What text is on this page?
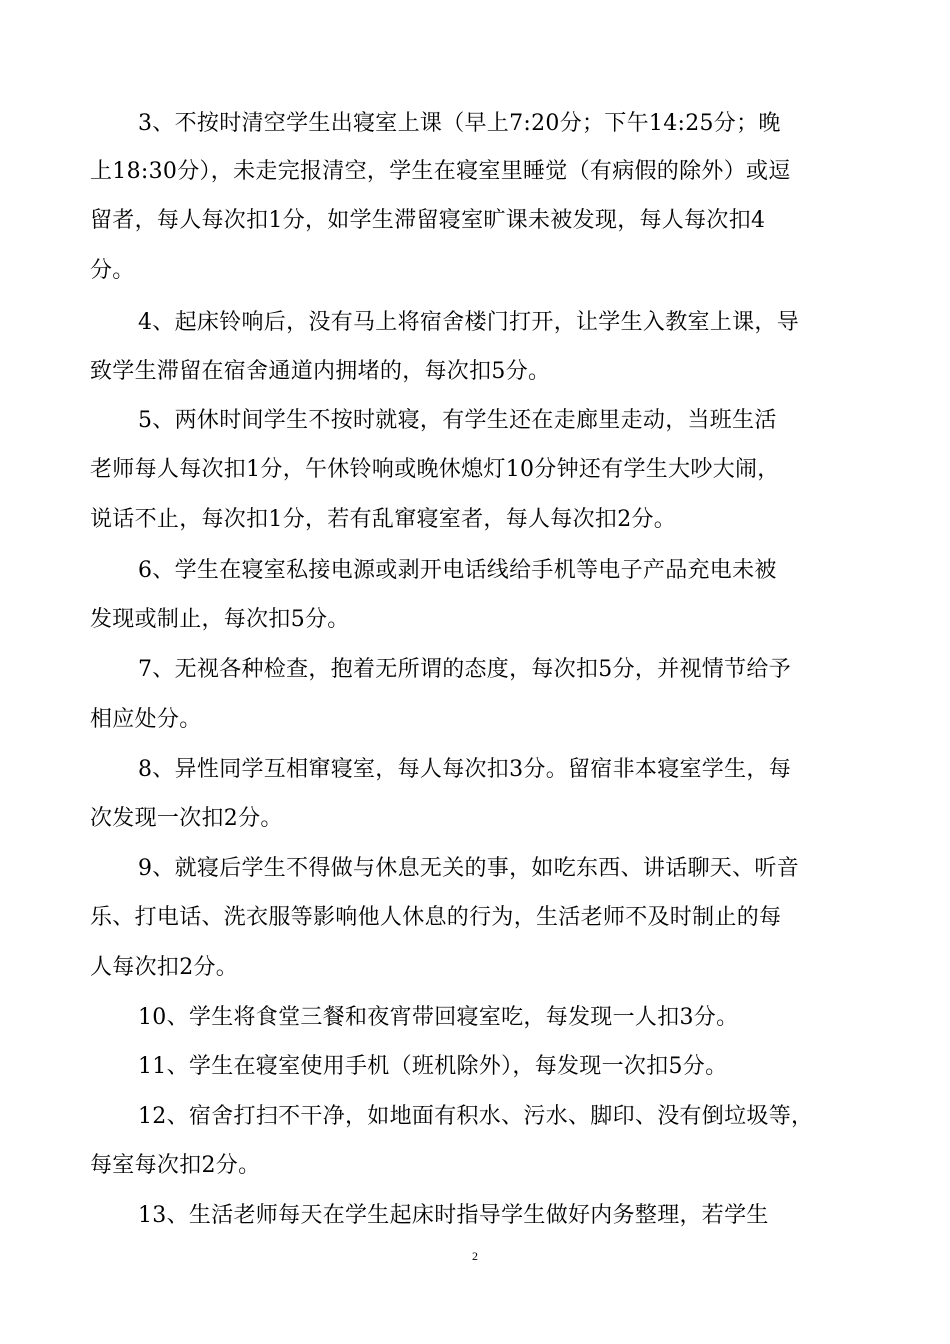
3、不按时清空学生出寝室上课（早上7:20分；下午14:25分；晚
上18:30分），未走完报清空，学生在寝室里睡觉（有病假的除外）或逗
留者，每人每次扣1分，如学生滞留寝室旷课未被发现，每人每次扣4
分。
4、起床铃响后，没有马上将宿舍楼门打开，让学生入教室上课，导
致学生滞留在宿舍通道内拥堵的，每次扣5分。
5、两休时间学生不按时就寝，有学生还在走廊里走动，当班生活
老师每人每次扣1分，午休铃响或晚休熄灯10分钟还有学生大吵大闹，
说话不止，每次扣1分，若有乱窜寝室者，每人每次扣2分。
6、学生在寝室私接电源或剥开电话线给手机等电子产品充电未被
发现或制止，每次扣5分。
7、无视各种检查，抱着无所谓的态度，每次扣5分，并视情节给予
相应处分。
8、异性同学互相窜寝室，每人每次扣3分。留宿非本寝室学生，每
次发现一次扣2分。
9、就寝后学生不得做与休息无关的事，如吃东西、讲话聊天、听音
乐、打电话、洗衣服等影响他人休息的行为，生活老师不及时制止的每
人每次扣2分。
10、学生将食堂三餐和夜宵带回寝室吃，每发现一人扣3分。
11、学生在寝室使用手机（班机除外），每发现一次扣5分。
12、宿舍打扫不干净，如地面有积水、污水、脚印、没有倒垃圾等，
每室每次扣2分。
13、生活老师每天在学生起床时指导学生做好内务整理，若学生
2
